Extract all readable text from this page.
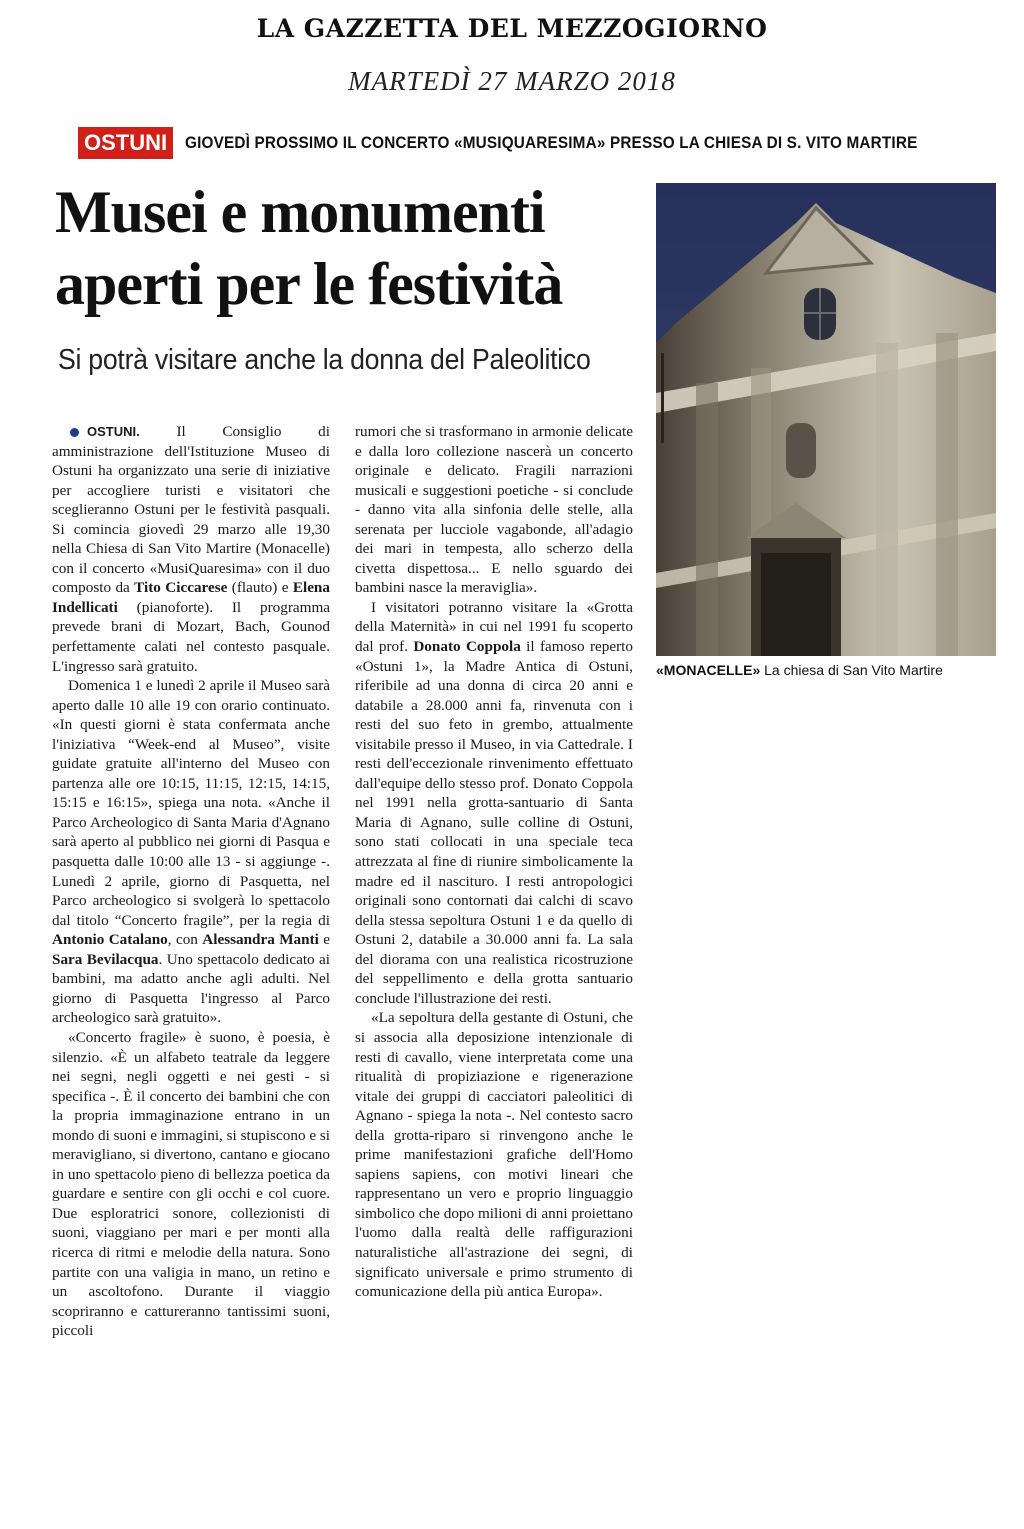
LA GAZZETTA DEL MEZZOGIORNO
MARTEDÌ 27 MARZO 2018
OSTUNI	GIOVEDÌ PROSSIMO IL CONCERTO «MUSIQUARESIMA» PRESSO LA CHIESA DI S. VITO MARTIRE
Musei e monumenti
aperti per le festività
Si potrà visitare anche la donna del Paleolitico

OSTUNI. Il Consiglio di amministrazione dell'Istituzione Museo di Ostuni ha organizzato una serie di iniziative per accogliere turisti e visitatori che sceglieranno Ostuni per le festività pasquali. Si comincia giovedì 29 marzo alle 19,30 nella Chiesa di San Vito Martire (Monacelle) con il concerto «MusiQuaresima» con il duo composto da Tito Ciccarese (flauto) e Elena Indellicati (pianoforte). Il programma prevede brani di Mozart, Bach, Gounod perfettamente calati nel contesto pasquale. L'ingresso sarà gratuito.

Domenica 1 e lunedì 2 aprile il Museo sarà aperto dalle 10 alle 19 con orario continuato. «In questi giorni è stata confermata anche l'iniziativa “Week-end al Museo”, visite guidate gratuite all'interno del Museo con partenza alle ore 10:15, 11:15, 12:15, 14:15, 15:15 e 16:15», spiega una nota. «Anche il Parco Archeologico di Santa Maria d'Agnano sarà aperto al pubblico nei giorni di Pasqua e pasquetta dalle 10:00 alle 13 - si aggiunge -. Lunedì 2 aprile, giorno di Pasquetta, nel Parco archeologico si svolgerà lo spettacolo dal titolo “Concerto fragile”, per la regia di Antonio Catalano, con Alessandra Manti e Sara Bevilacqua. Uno spettacolo dedicato ai bambini, ma adatto anche agli adulti. Nel giorno di Pasquetta l'ingresso al Parco archeologico sarà gratuito».

«Concerto fragile» è suono, è poesia, è silenzio. «È un alfabeto teatrale da leggere nei segni, negli oggetti e nei gesti - si specifica -. È il concerto dei bambini che con la propria immaginazione entrano in un mondo di suoni e immagini, si stupiscono e si meravigliano, si divertono, cantano e giocano in uno spettacolo pieno di bellezza poetica da guardare e sentire con gli occhi e col cuore. Due esploratrici sonore, collezionisti di suoni, viaggiano per mari e per monti alla ricerca di ritmi e melodie della natura. Sono partite con una valigia in mano, un retino e un ascoltofono. Durante il viaggio scopriranno e cattureranno tantissimi suoni, piccoli

rumori che si trasformano in armonie delicate e dalla loro collezione nascerà un concerto originale e delicato. Fragili narrazioni musicali e suggestioni poetiche - si conclude - danno vita alla sinfonia delle stelle, alla serenata per lucciole vagabonde, all'adagio dei mari in tempesta, allo scherzo della civetta dispettosa... E nello sguardo dei bambini nasce la meraviglia».

I visitatori potranno visitare la «Grotta della Maternità» in cui nel 1991 fu scoperto dal prof. Donato Coppola il famoso reperto «Ostuni 1», la Madre Antica di Ostuni, riferibile ad una donna di circa 20 anni e databile a 28.000 anni fa, rinvenuta con i resti del suo feto in grembo, attualmente visitabile presso il Museo, in via Cattedrale. I resti dell'eccezionale rinvenimento effettuato dall'equipe dello stesso prof. Donato Coppola nel 1991 nella grotta-santuario di Santa Maria di Agnano, sulle colline di Ostuni, sono stati collocati in una speciale teca attrezzata al fine di riunire simbolicamente la madre ed il nascituro. I resti antropologici originali sono contornati dai calchi di scavo della stessa sepoltura Ostuni 1 e da quello di Ostuni 2, databile a 30.000 anni fa. La sala del diorama con una realistica ricostruzione del seppellimento e della grotta santuario conclude l'illustrazione dei resti.

«La sepoltura della gestante di Ostuni, che si associa alla deposizione intenzionale di resti di cavallo, viene interpretata come una ritualità di propiziazione e rigenerazione vitale dei gruppi di cacciatori paleolitici di Agnano - spiega la nota -. Nel contesto sacro della grotta-riparo si rinvengono anche le prime manifestazioni grafiche dell'Homo sapiens sapiens, con motivi lineari che rappresentano un vero e proprio linguaggio simbolico che dopo milioni di anni proiettano l'uomo dalla realtà delle raffigurazioni naturalistiche all'astrazione dei segni, di significato universale e primo strumento di comunicazione della più antica Europa».

«MONACELLE» La chiesa di San Vito Martire
